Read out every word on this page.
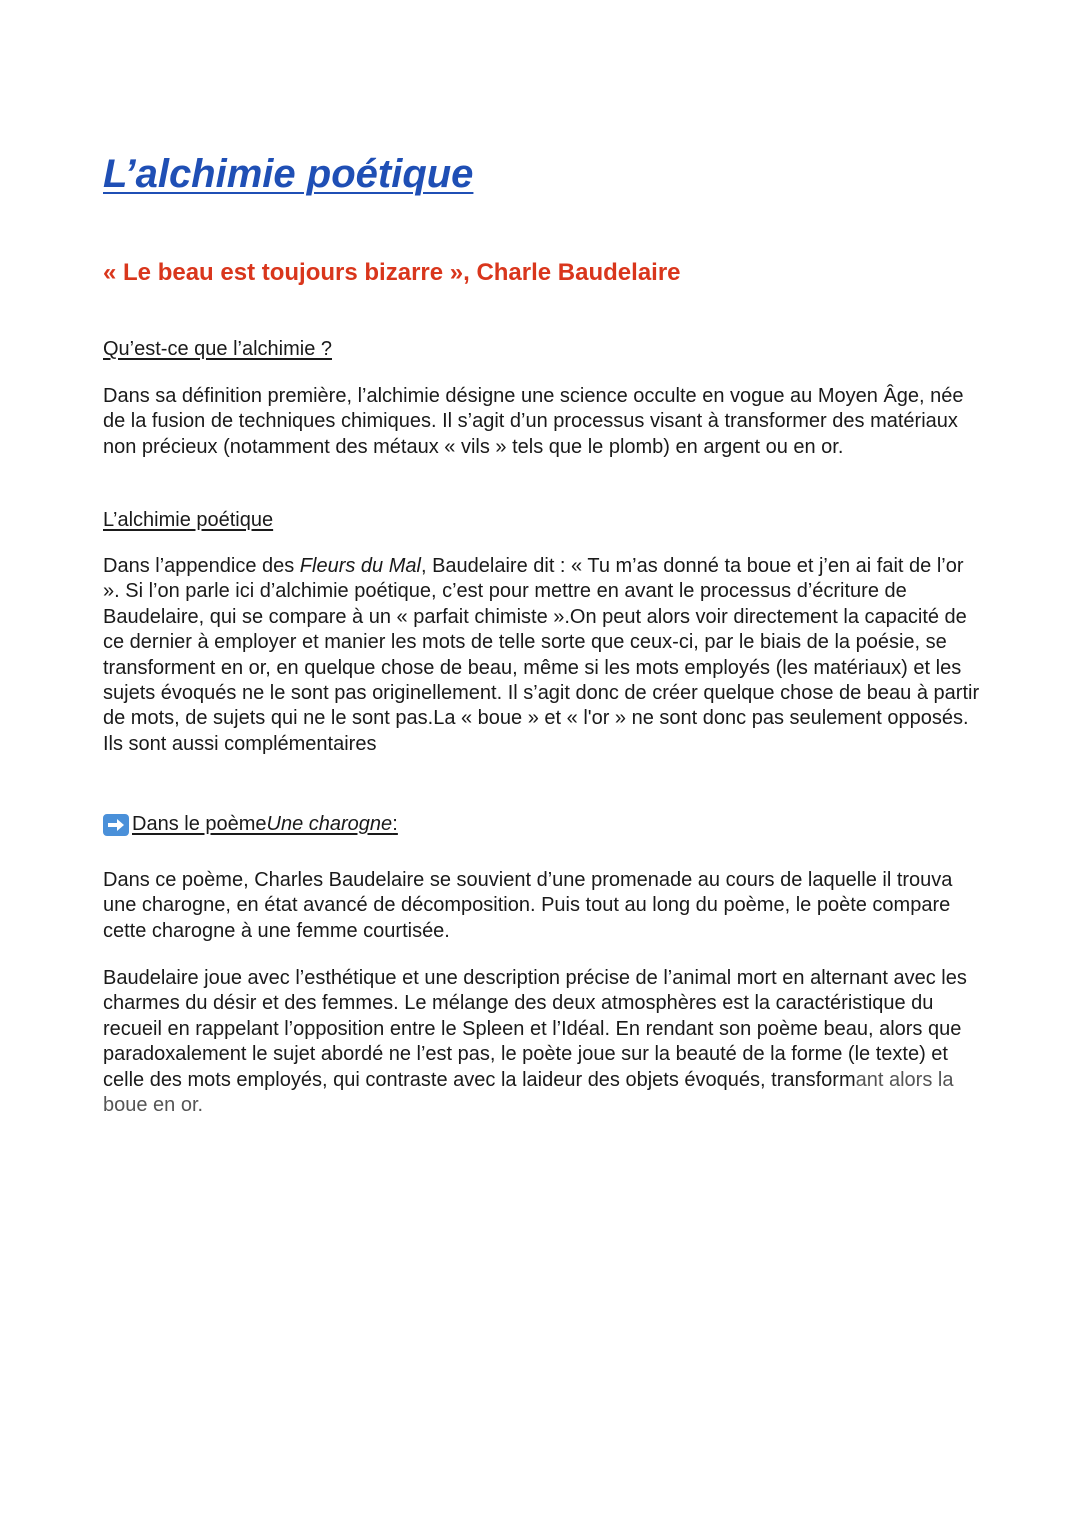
L’alchimie poétique
« Le beau est toujours bizarre », Charle Baudelaire
Qu’est-ce que l’alchimie ?

Dans sa définition première, l’alchimie désigne une science occulte en vogue au Moyen Âge, née de la fusion de techniques chimiques. Il s’agit d’un processus visant à transformer des matériaux non précieux (notamment des métaux « vils » tels que le plomb) en argent ou en or.

L’alchimie poétique

Dans l’appendice des Fleurs du Mal, Baudelaire dit : « Tu m’as donné ta boue et j’en ai fait de l’or ». Si l’on parle ici d’alchimie poétique, c’est pour mettre en avant le processus d’écriture de Baudelaire, qui se compare à un « parfait chimiste ».On peut alors voir directement la capacité de ce dernier à employer et manier les mots de telle sorte que ceux-ci, par le biais de la poésie, se transforment en or, en quelque chose de beau, même si les mots employés (les matériaux) et les sujets évoqués ne le sont pas originellement. Il s’agit donc de créer quelque chose de beau à partir de mots, de sujets qui ne le sont pas.La « boue » et « l'or » ne sont donc pas seulement opposés. Ils sont aussi complémentaires

Dans le poème Une charogne :

Dans ce poème, Charles Baudelaire se souvient d’une promenade au cours de laquelle il trouva une charogne, en état avancé de décomposition. Puis tout au long du poème, le poète compare cette charogne à une femme courtisée.

Baudelaire joue avec l’esthétique et une description précise de l’animal mort en alternant avec les charmes du désir et des femmes. Le mélange des deux atmosphères est la caractéristique du recueil en rappelant l’opposition entre le Spleen et l’Idéal. En rendant son poème beau, alors que paradoxalement le sujet abordé ne l’est pas, le poète joue sur la beauté de la forme (le texte) et celle des mots employés, qui contraste avec la laideur des objets évoqués, transformant alors la boue en or.
